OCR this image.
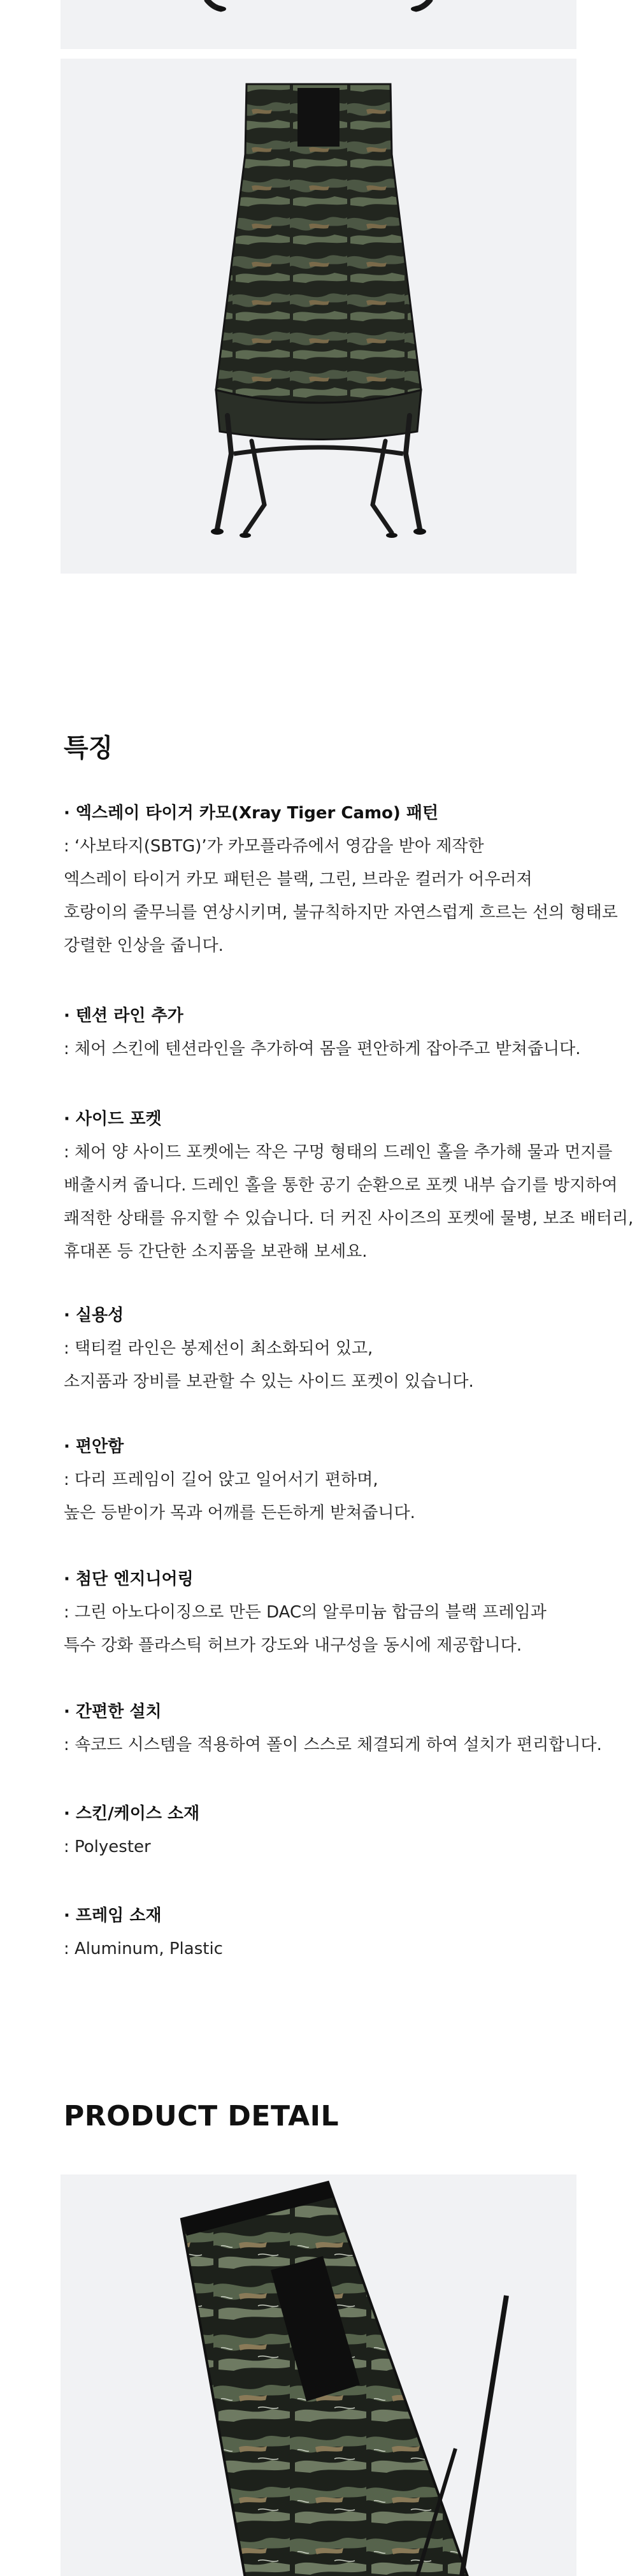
특징
· 엑스레이 타이거 카모(Xray Tiger Camo) 패턴
: ‘사보타지(SBTG)’가 카모플라쥬에서 영감을 받아 제작한
엑스레이 타이거 카모 패턴은 블랙, 그린, 브라운 컬러가 어우러져
호랑이의 줄무늬를 연상시키며, 불규칙하지만 자연스럽게 흐르는 선의 형태로
강렬한 인상을 줍니다.
· 텐션 라인 추가
: 체어 스킨에 텐션라인을 추가하여 몸을 편안하게 잡아주고 받쳐줍니다.
· 사이드 포켓
: 체어 양 사이드 포켓에는 작은 구멍 형태의 드레인 홀을 추가해 물과 먼지를
배출시켜 줍니다. 드레인 홀을 통한 공기 순환으로 포켓 내부 습기를 방지하여
쾌적한 상태를 유지할 수 있습니다. 더 커진 사이즈의 포켓에 물병, 보조 배터리,
휴대폰 등 간단한 소지품을 보관해 보세요.
· 실용성
: 택티컬 라인은 봉제선이 최소화되어 있고,
소지품과 장비를 보관할 수 있는 사이드 포켓이 있습니다.
· 편안함
: 다리 프레임이 길어 앉고 일어서기 편하며,
높은 등받이가 목과 어깨를 든든하게 받쳐줍니다.
· 첨단 엔지니어링
: 그린 아노다이징으로 만든 DAC의 알루미늄 합금의 블랙 프레임과
특수 강화 플라스틱 허브가 강도와 내구성을 동시에 제공합니다.
· 간편한 설치
: 쇽코드 시스템을 적용하여 폴이 스스로 체결되게 하여 설치가 편리합니다.
· 스킨/케이스 소재
: Polyester
· 프레임 소재
: Aluminum, Plastic
PRODUCT DETAIL
